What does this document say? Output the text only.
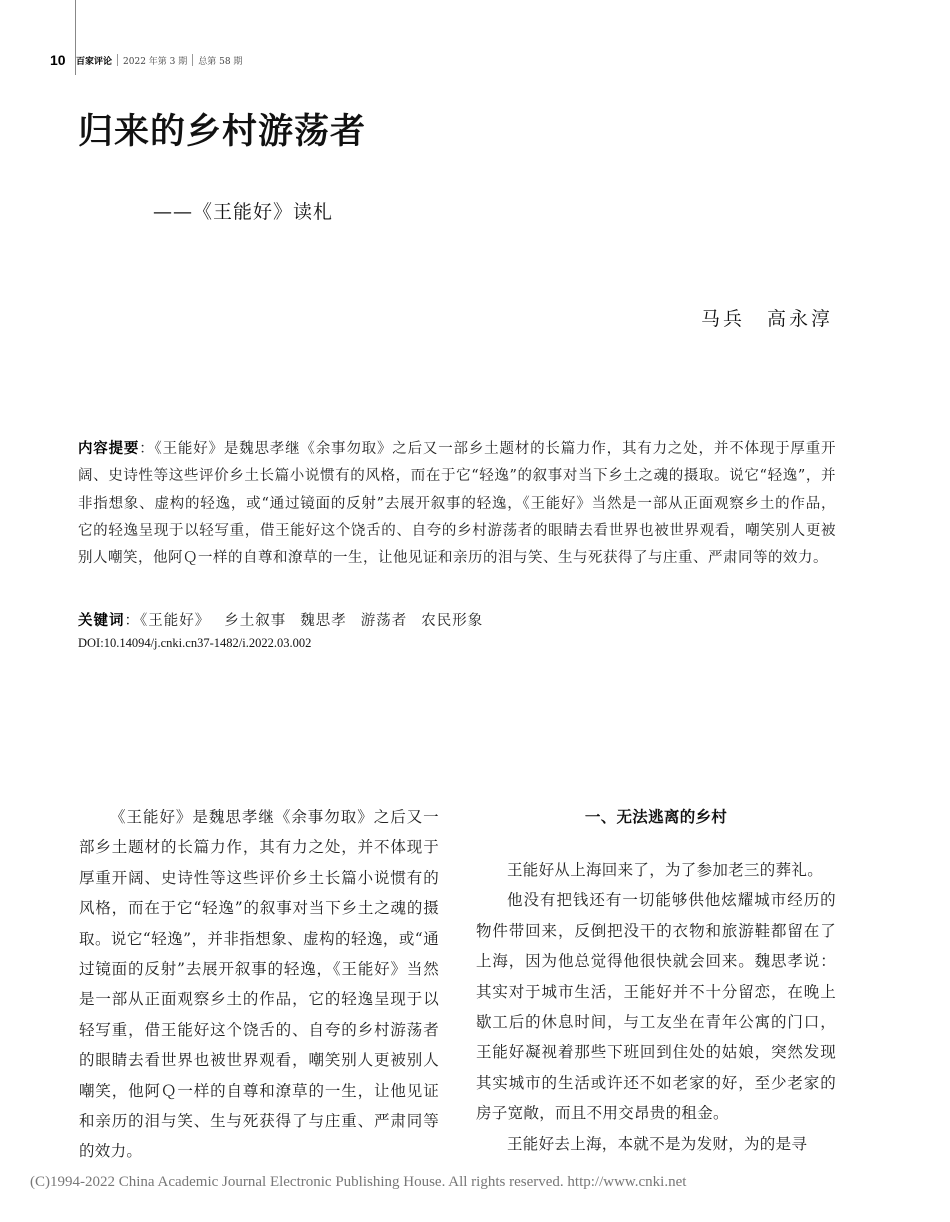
10	百家评论 2022 年第 3 期 总第 58 期
归来的乡村游荡者
——《王能好》读札
马兵　高永淳
内容提要：《王能好》是魏思孝继《余事勿取》之后又一部乡土题材的长篇力作，其有力之处，并不体现于厚重开阔、史诗性等这些评价乡土长篇小说惯有的风格，而在于它“轻逸”的叙事对当下乡土之魂的摄取。说它“轻逸”，并非指想象、虚构的轻逸，或“通过镜面的反射”去展开叙事的轻逸，《王能好》当然是一部从正面观察乡土的作品，它的轻逸呈现于以轻写重，借王能好这个饶舌的、自夸的乡村游荡者的眼睛去看世界也被世界观看，嘲笑别人更被别人嘲笑，他阿Ｑ一样的自尊和潦草的一生，让他见证和亲历的泪与笑、生与死获得了与庄重、严肃同等的效力。
关键词：《王能好》 乡土叙事 魏思孝 游荡者 农民形象
DOI:10.14094/j.cnki.cn37-1482/i.2022.03.002

《王能好》是魏思孝继《余事勿取》之后又一部乡土题材的长篇力作，其有力之处，并不体现于厚重开阔、史诗性等这些评价乡土长篇小说惯有的风格，而在于它“轻逸”的叙事对当下乡土之魂的摄取。说它“轻逸”，并非指想象、虚构的轻逸，或“通过镜面的反射”去展开叙事的轻逸，《王能好》当然是一部从正面观察乡土的作品，它的轻逸呈现于以轻写重，借王能好这个饶舌的、自夸的乡村游荡者的眼睛去看世界也被世界观看，嘲笑别人更被别人嘲笑，他阿Ｑ一样的自尊和潦草的一生，让他见证和亲历的泪与笑、生与死获得了与庄重、严肃同等的效力。

一、无法逃离的乡村

王能好从上海回来了，为了参加老三的葬礼。

他没有把钱还有一切能够供他炫耀城市经历的物件带回来，反倒把没干的衣物和旅游鞋都留在了上海，因为他总觉得他很快就会回来。魏思孝说：其实对于城市生活，王能好并不十分留恋，在晚上歇工后的休息时间，与工友坐在青年公寓的门口，王能好凝视着那些下班回到住处的姑娘，突然发现其实城市的生活或许还不如老家的好，至少老家的房子宽敞，而且不用交昂贵的租金。

王能好去上海，本就不是为发财，为的是寻

(C)1994-2022 China Academic Journal Electronic Publishing House. All rights reserved. http://www.cnki.net
